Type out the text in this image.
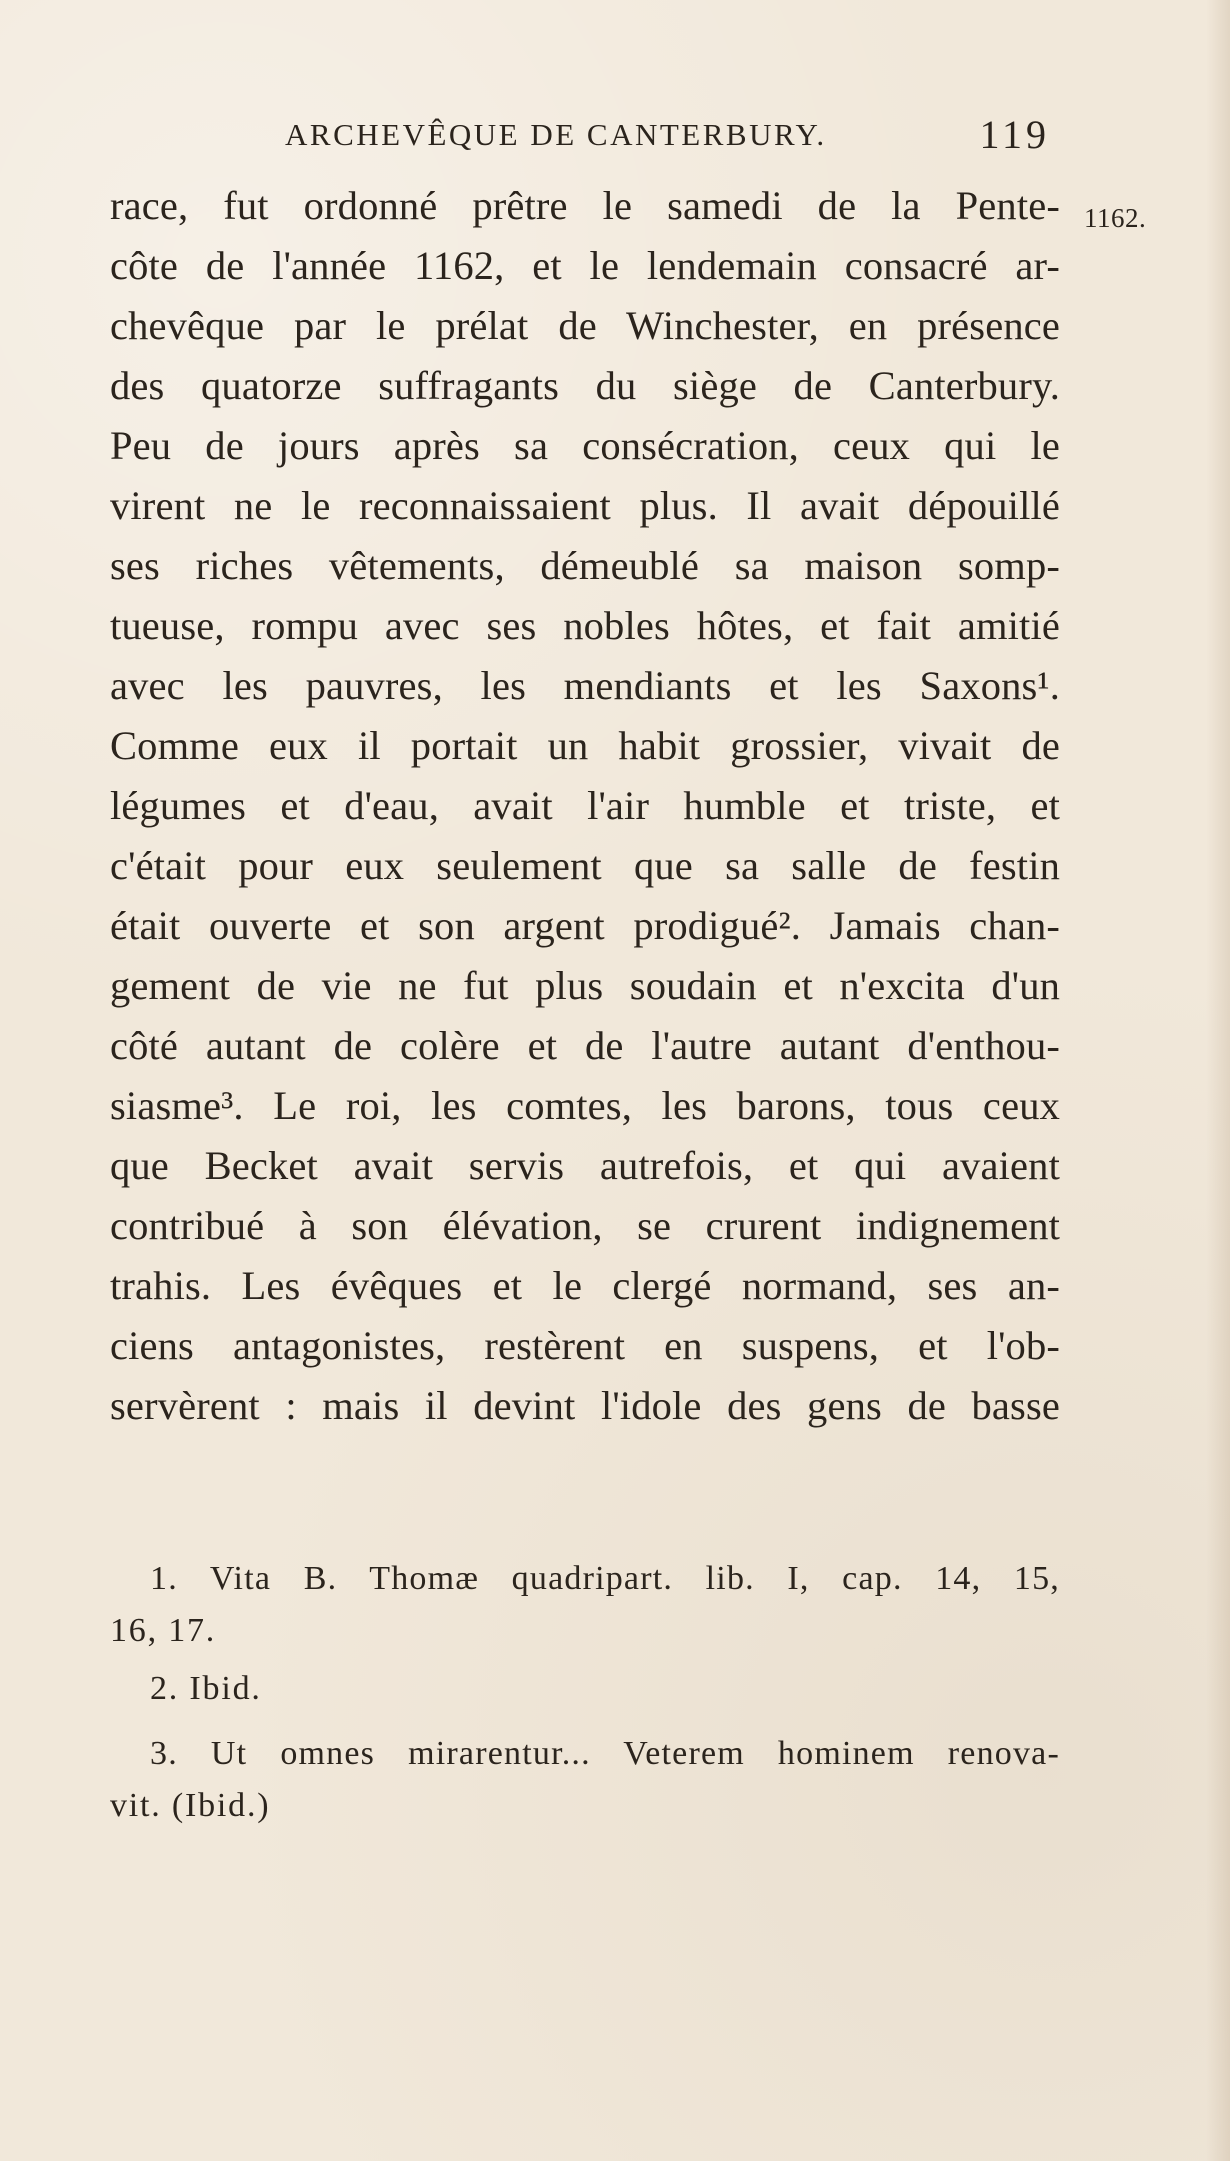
ARCHEVÊQUE DE CANTERBURY.	119
1162.
race, fut ordonné prêtre le samedi de la Pente-
côte de l'année 1162, et le lendemain consacré ar-
chevêque par le prélat de Winchester, en présence
des quatorze suffragants du siège de Canterbury.
Peu de jours après sa consécration, ceux qui le
virent ne le reconnaissaient plus. Il avait dépouillé
ses riches vêtements, démeublé sa maison somp-
tueuse, rompu avec ses nobles hôtes, et fait amitié
avec les pauvres, les mendiants et les Saxons¹.
Comme eux il portait un habit grossier, vivait de
légumes et d'eau, avait l'air humble et triste, et
c'était pour eux seulement que sa salle de festin
était ouverte et son argent prodigué². Jamais chan-
gement de vie ne fut plus soudain et n'excita d'un
côté autant de colère et de l'autre autant d'enthou-
siasme³. Le roi, les comtes, les barons, tous ceux
que Becket avait servis autrefois, et qui avaient
contribué à son élévation, se crurent indignement
trahis. Les évêques et le clergé normand, ses an-
ciens antagonistes, restèrent en suspens, et l'ob-
servèrent : mais il devint l'idole des gens de basse
1. Vita B. Thomæ quadripart. lib. I, cap. 14, 15,
16, 17.
2. Ibid.
3. Ut omnes mirarentur... Veterem hominem renova-
vit. (Ibid.)
